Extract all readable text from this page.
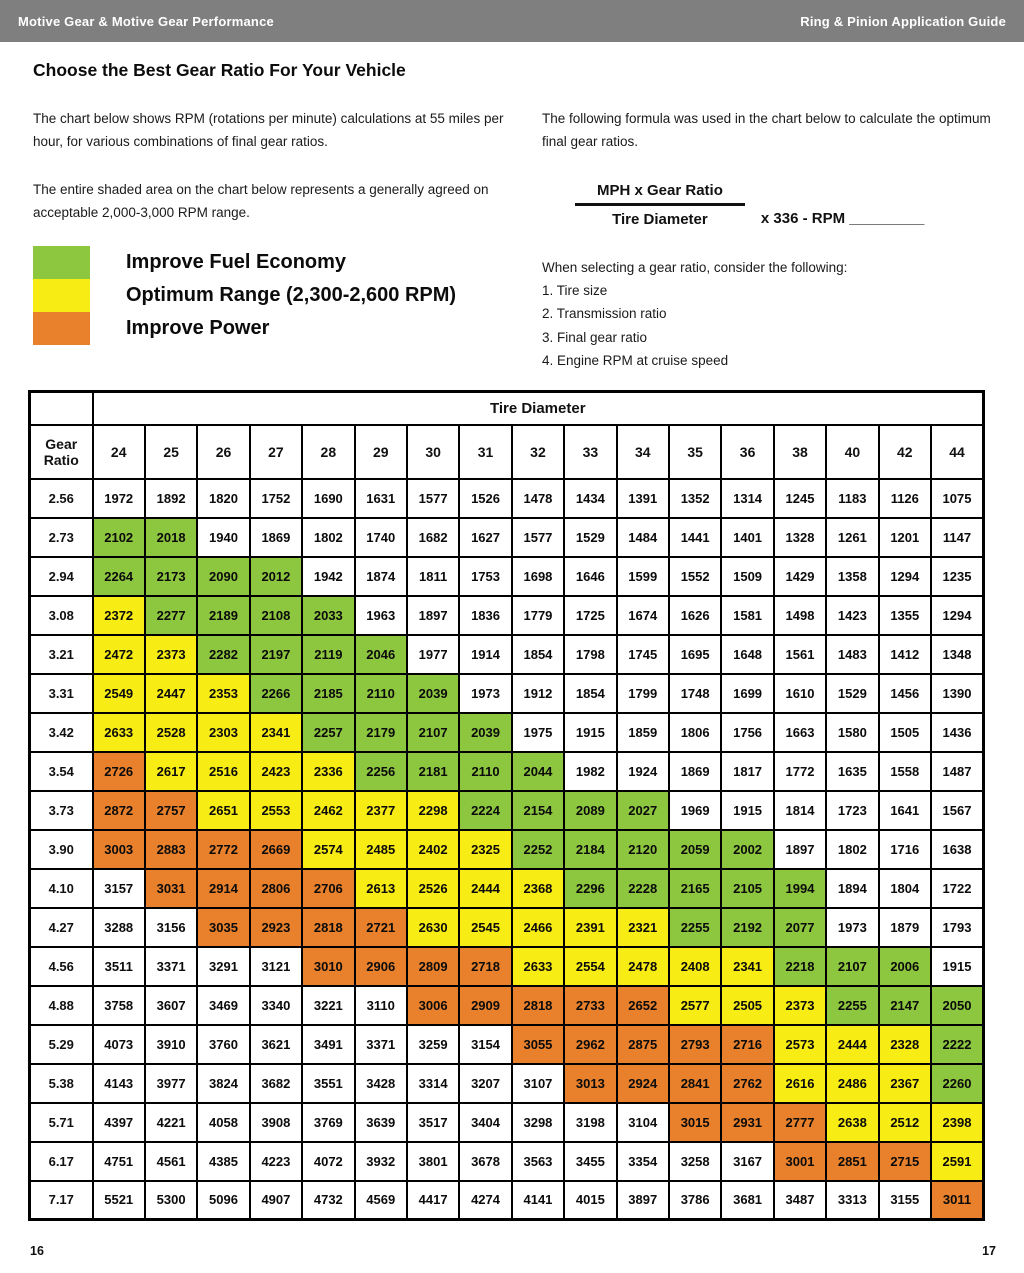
Motive Gear & Motive Gear Performance	Ring & Pinion Application Guide
Choose the Best Gear Ratio For Your Vehicle
The chart below shows RPM (rotations per minute) calculations at 55 miles per hour, for various combinations of final gear ratios.
The entire shaded area on the chart below represents a generally agreed on acceptable 2,000-3,000 RPM range.
Improve Fuel Economy
Optimum Range (2,300-2,600 RPM)
Improve Power
The following formula was used in the chart below to calculate the optimum final gear ratios.
$\frac{\text{MPH x Gear Ratio}}{\text{Tire Diameter}}$ x 336 - RPM _________
When selecting a gear ratio, consider the following:
1. Tire size
2. Transmission ratio
3. Final gear ratio
4. Engine RPM at cruise speed
	Tire Diameter																

Gear
Ratio	24	25	26	27	28	29	30	31	32	33	34	35	36	38	40	42	44
2.56	1972	1892	1820	1752	1690	1631	1577	1526	1478	1434	1391	1352	1314	1245	1183	1126	1075
2.73	2102	2018	1940	1869	1802	1740	1682	1627	1577	1529	1484	1441	1401	1328	1261	1201	1147
2.94	2264	2173	2090	2012	1942	1874	1811	1753	1698	1646	1599	1552	1509	1429	1358	1294	1235
3.08	2372	2277	2189	2108	2033	1963	1897	1836	1779	1725	1674	1626	1581	1498	1423	1355	1294
3.21	2472	2373	2282	2197	2119	2046	1977	1914	1854	1798	1745	1695	1648	1561	1483	1412	1348
3.31	2549	2447	2353	2266	2185	2110	2039	1973	1912	1854	1799	1748	1699	1610	1529	1456	1390
3.42	2633	2528	2303	2341	2257	2179	2107	2039	1975	1915	1859	1806	1756	1663	1580	1505	1436
3.54	2726	2617	2516	2423	2336	2256	2181	2110	2044	1982	1924	1869	1817	1772	1635	1558	1487
3.73	2872	2757	2651	2553	2462	2377	2298	2224	2154	2089	2027	1969	1915	1814	1723	1641	1567
3.90	3003	2883	2772	2669	2574	2485	2402	2325	2252	2184	2120	2059	2002	1897	1802	1716	1638
4.10	3157	3031	2914	2806	2706	2613	2526	2444	2368	2296	2228	2165	2105	1994	1894	1804	1722
4.27	3288	3156	3035	2923	2818	2721	2630	2545	2466	2391	2321	2255	2192	2077	1973	1879	1793
4.56	3511	3371	3291	3121	3010	2906	2809	2718	2633	2554	2478	2408	2341	2218	2107	2006	1915
4.88	3758	3607	3469	3340	3221	3110	3006	2909	2818	2733	2652	2577	2505	2373	2255	2147	2050
5.29	4073	3910	3760	3621	3491	3371	3259	3154	3055	2962	2875	2793	2716	2573	2444	2328	2222
5.38	4143	3977	3824	3682	3551	3428	3314	3207	3107	3013	2924	2841	2762	2616	2486	2367	2260
5.71	4397	4221	4058	3908	3769	3639	3517	3404	3298	3198	3104	3015	2931	2777	2638	2512	2398
6.17	4751	4561	4385	4223	4072	3932	3801	3678	3563	3455	3354	3258	3167	3001	2851	2715	2591
7.17	5521	5300	5096	4907	4732	4569	4417	4274	4141	4015	3897	3786	3681	3487	3313	3155	3011
16	17
